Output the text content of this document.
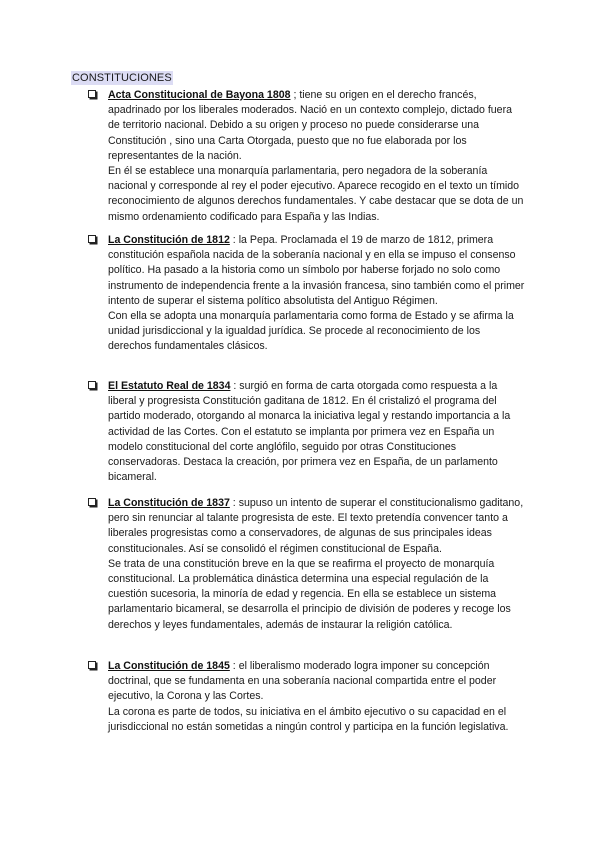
CONSTITUCIONES

Acta Constitucional de Bayona 1808 ; tiene su origen en el derecho francés, apadrinado por los liberales moderados. Nació en un contexto complejo, dictado fuera de territorio nacional. Debido a su origen y proceso no puede considerarse una Constitución , sino una Carta Otorgada, puesto que no fue elaborada por los representantes de la nación.

En él se establece una monarquía parlamentaria, pero negadora de la soberanía nacional y corresponde al rey el poder ejecutivo. Aparece recogido en el texto un tímido reconocimiento de algunos derechos fundamentales. Y cabe destacar que se dota de un mismo ordenamiento codificado para España y las Indias.

La Constitución de 1812 : la Pepa. Proclamada el 19 de marzo de 1812, primera constitución española nacida de la soberanía nacional y en ella se impuso el consenso político. Ha pasado a la historia como un símbolo por haberse forjado no solo como instrumento de independencia frente a la invasión francesa, sino también como el primer intento de superar el sistema político absolutista del Antiguo Régimen.

Con ella se adopta una monarquía parlamentaria como forma de Estado y se afirma la unidad jurisdiccional y la igualdad jurídica. Se procede al reconocimiento de los derechos fundamentales clásicos.

El Estatuto Real de 1834 : surgió en forma de carta otorgada como respuesta a la liberal y progresista Constitución gaditana de 1812. En él cristalizó el programa del partido moderado, otorgando al monarca la iniciativa legal y restando importancia a la actividad de las Cortes. Con el estatuto se implanta por primera vez en España un modelo constitucional del corte anglófilo, seguido por otras Constituciones conservadoras. Destaca la creación, por primera vez en España, de un parlamento bicameral.

La Constitución de 1837 : supuso un intento de superar el constitucionalismo gaditano, pero sin renunciar al talante progresista de este. El texto pretendía convencer tanto a liberales progresistas como a conservadores, de algunas de sus principales ideas constitucionales. Así se consolidó el régimen constitucional de España.

Se trata de una constitución breve en la que se reafirma el proyecto de monarquía constitucional. La problemática dinástica determina una especial regulación de la cuestión sucesoria, la minoría de edad y regencia. En ella se establece un sistema parlamentario bicameral, se desarrolla el principio de división de poderes y recoge los derechos y leyes fundamentales, además de instaurar la religión católica.

La Constitución de 1845 : el liberalismo moderado logra imponer su concepción doctrinal, que se fundamenta en una soberanía nacional compartida entre el poder ejecutivo, la Corona y las Cortes.

La corona es parte de todos, su iniciativa en el ámbito ejecutivo o su capacidad en el jurisdiccional no están sometidas a ningún control y participa en la función legislativa.
